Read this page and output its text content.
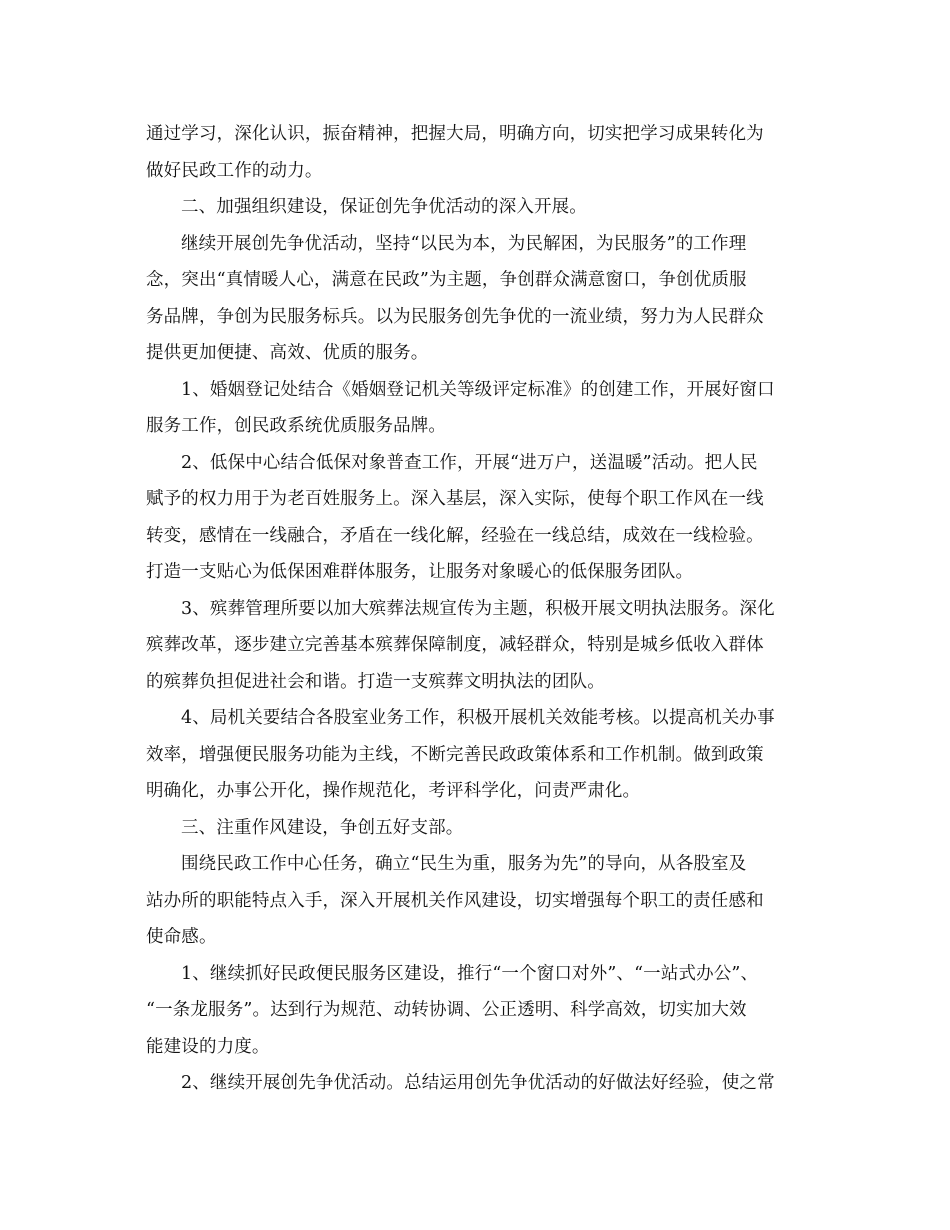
通过学习，深化认识，振奋精神，把握大局，明确方向，切实把学习成果转化为
做好民政工作的动力。
二、加强组织建设，保证创先争优活动的深入开展。
继续开展创先争优活动，坚持“以民为本，为民解困，为民服务”的工作理
念，突出“真情暖人心，满意在民政”为主题，争创群众满意窗口，争创优质服
务品牌，争创为民服务标兵。以为民服务创先争优的一流业绩，努力为人民群众
提供更加便捷、高效、优质的服务。
1、婚姻登记处结合《婚姻登记机关等级评定标准》的创建工作，开展好窗口
服务工作，创民政系统优质服务品牌。
2、低保中心结合低保对象普查工作，开展“进万户，送温暖”活动。把人民
赋予的权力用于为老百姓服务上。深入基层，深入实际，使每个职工作风在一线
转变，感情在一线融合，矛盾在一线化解，经验在一线总结，成效在一线检验。
打造一支贴心为低保困难群体服务，让服务对象暖心的低保服务团队。
3、殡葬管理所要以加大殡葬法规宣传为主题，积极开展文明执法服务。深化
殡葬改革，逐步建立完善基本殡葬保障制度，减轻群众，特别是城乡低收入群体
的殡葬负担促进社会和谐。打造一支殡葬文明执法的团队。
4、局机关要结合各股室业务工作，积极开展机关效能考核。以提高机关办事
效率，增强便民服务功能为主线，不断完善民政政策体系和工作机制。做到政策
明确化，办事公开化，操作规范化，考评科学化，问责严肃化。
三、注重作风建设，争创五好支部。
围绕民政工作中心任务，确立“民生为重，服务为先”的导向，从各股室及
站办所的职能特点入手，深入开展机关作风建设，切实增强每个职工的责任感和
使命感。
1、继续抓好民政便民服务区建设，推行“一个窗口对外”、“一站式办公”、
“一条龙服务”。达到行为规范、动转协调、公正透明、科学高效，切实加大效
能建设的力度。
2、继续开展创先争优活动。总结运用创先争优活动的好做法好经验，使之常
